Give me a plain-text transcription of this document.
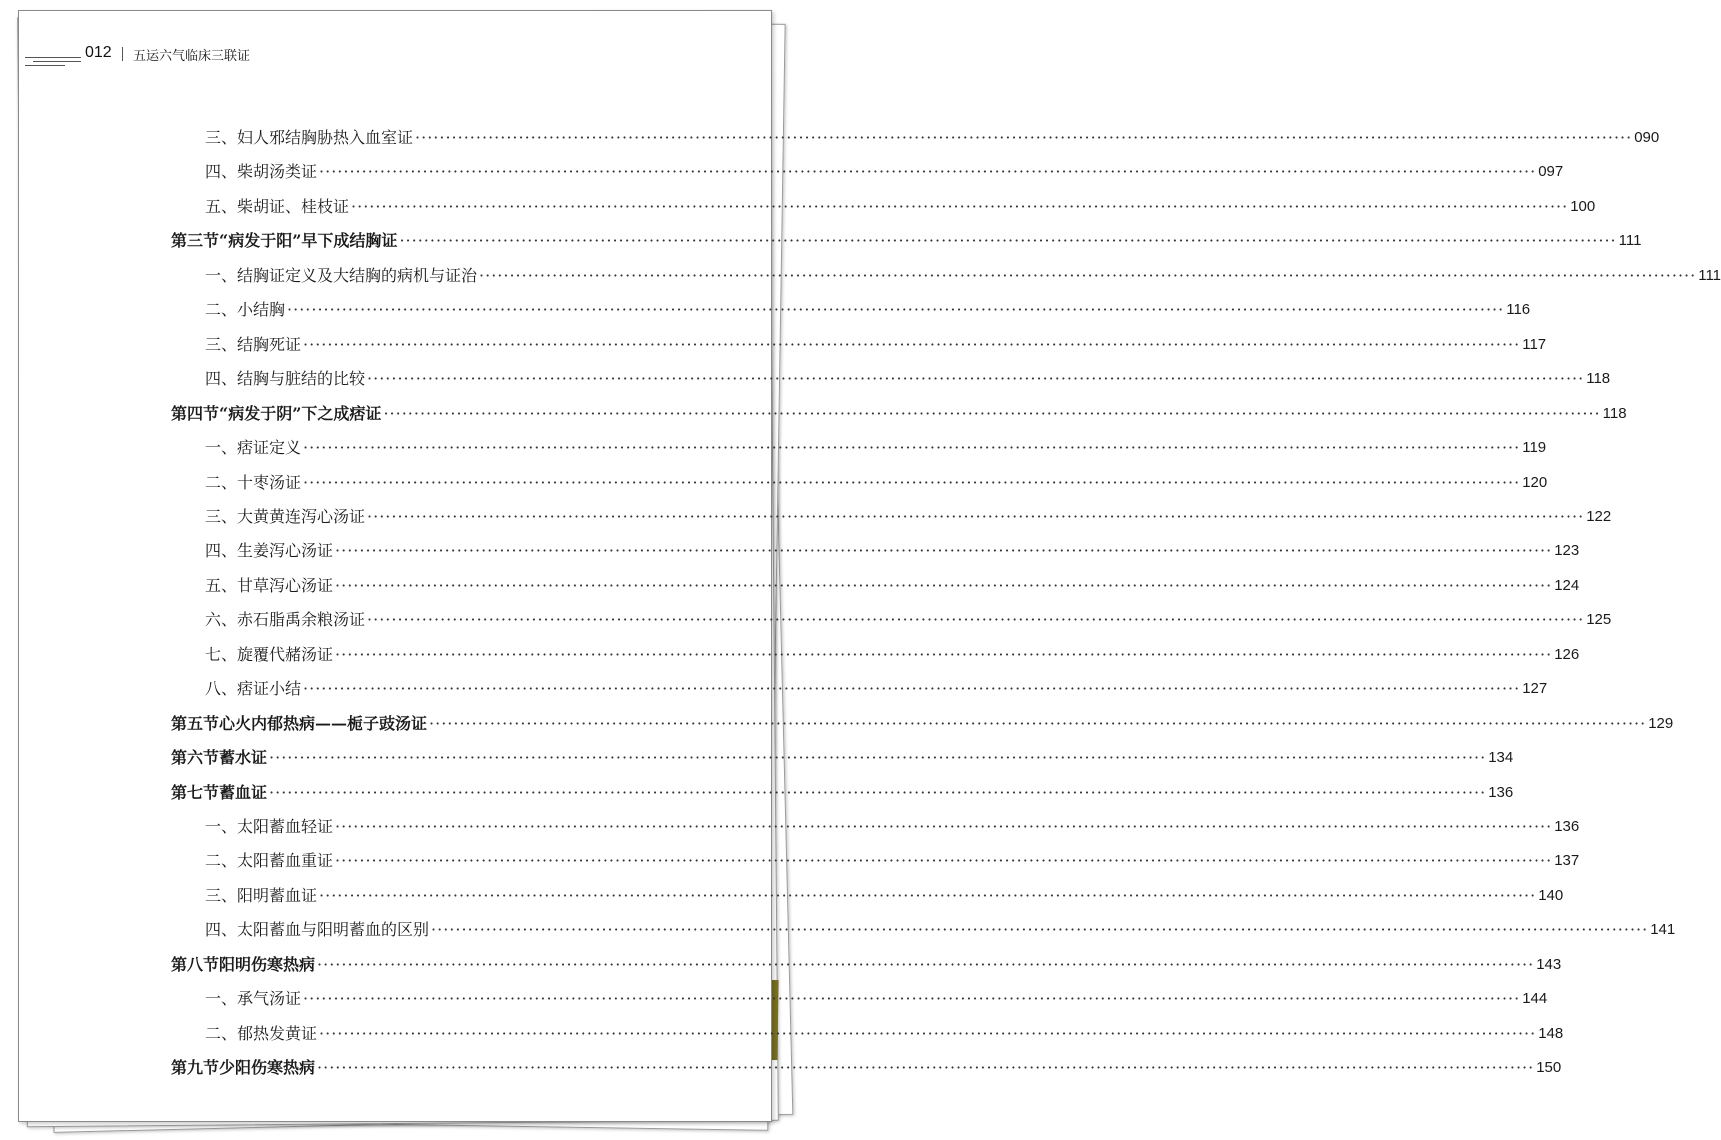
012 五运六气临床三联证
三、 妇人邪结胸胁热入血室证 ········································································································································································································ 090
四、 柴胡汤类证 ········································································································································································································ 097
五、 柴胡证、桂枝证 ········································································································································································································ 100
第三节 “病发于阳”早下成结胸证 ········································································································································································································ 111
一、 结胸证定义及大结胸的病机与证治 ········································································································································································································ 111
二、 小结胸 ········································································································································································································ 116
三、 结胸死证 ········································································································································································································ 117
四、 结胸与脏结的比较 ········································································································································································································ 118
第四节 “病发于阴”下之成痞证 ········································································································································································································ 118
一、 痞证定义 ········································································································································································································ 119
二、 十枣汤证 ········································································································································································································ 120
三、 大黄黄连泻心汤证 ········································································································································································································ 122
四、 生姜泻心汤证 ········································································································································································································ 123
五、 甘草泻心汤证 ········································································································································································································ 124
六、 赤石脂禹余粮汤证 ········································································································································································································ 125
七、 旋覆代赭汤证 ········································································································································································································ 126
八、 痞证小结 ········································································································································································································ 127
第五节 心火内郁热病——栀子豉汤证 ········································································································································································································ 129
第六节 蓄水证 ········································································································································································································ 134
第七节 蓄血证 ········································································································································································································ 136
一、 太阳蓄血轻证 ········································································································································································································ 136
二、 太阳蓄血重证 ········································································································································································································ 137
三、 阳明蓄血证 ········································································································································································································ 140
四、 太阳蓄血与阳明蓄血的区别 ········································································································································································································ 141
第八节 阳明伤寒热病 ········································································································································································································ 143
一、 承气汤证 ········································································································································································································ 144
二、 郁热发黄证 ········································································································································································································ 148
第九节 少阳伤寒热病 ········································································································································································································ 150
